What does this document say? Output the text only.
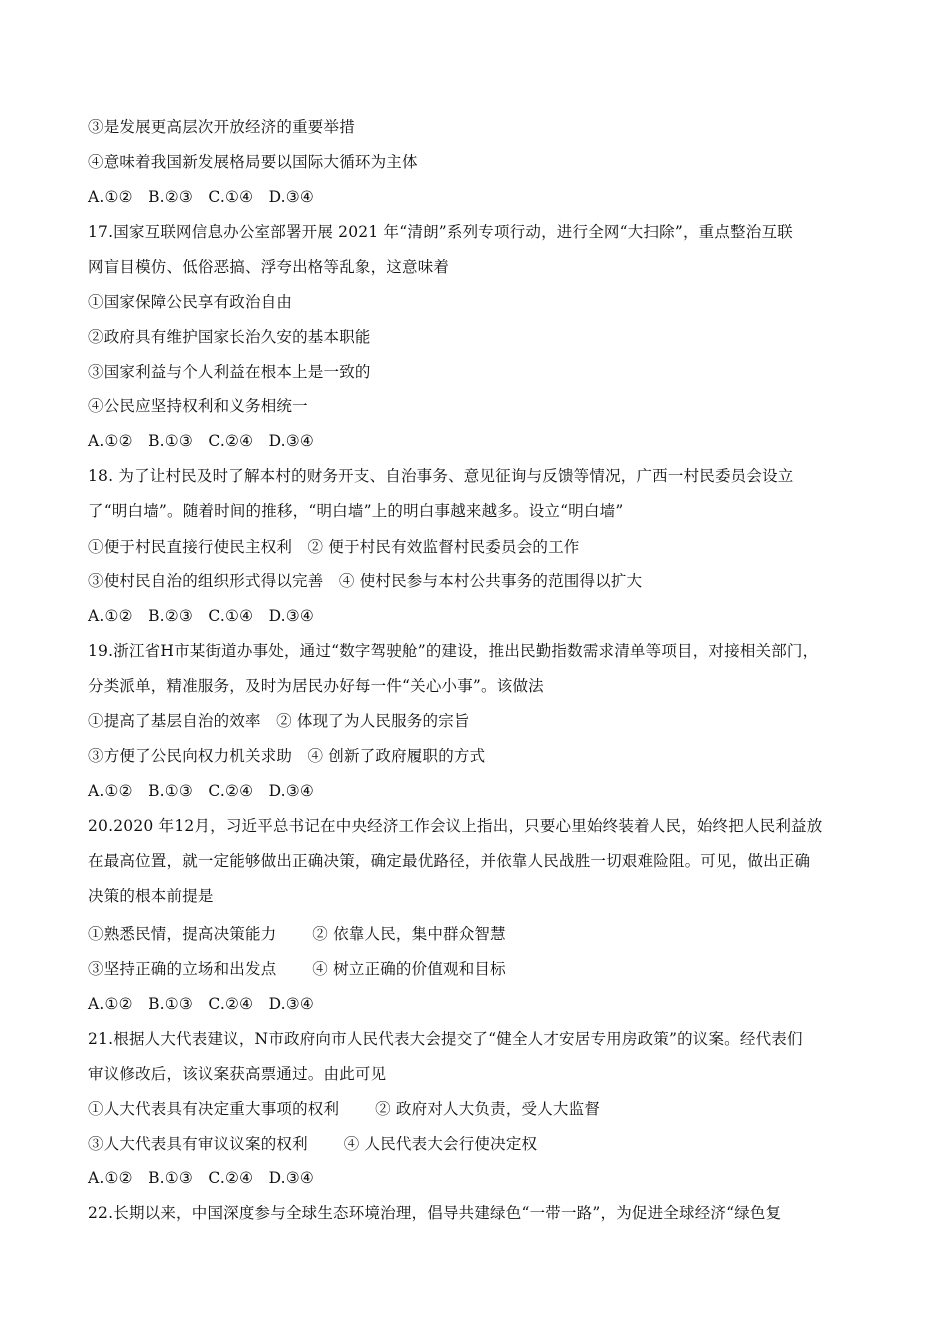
③是发展更高层次开放经济的重要举措
④意味着我国新发展格局要以国际大循环为主体
A.①②   B.②③   C.①④   D.③④
17.国家互联网信息办公室部署开展 2021 年“清朗”系列专项行动，进行全网“大扫除”，重点整治互联
网盲目模仿、低俗恶搞、浮夸出格等乱象，这意味着
①国家保障公民享有政治自由
②政府具有维护国家长治久安的基本职能
③国家利益与个人利益在根本上是一致的
④公民应坚持权利和义务相统一
A.①②   B.①③   C.②④   D.③④
18. 为了让村民及时了解本村的财务开支、自治事务、意见征询与反馈等情况，广西一村民委员会设立
了“明白墙”。随着时间的推移，“明白墙”上的明白事越来越多。设立“明白墙”
①便于村民直接行使民主权利   ② 便于村民有效监督村民委员会的工作
③使村民自治的组织形式得以完善   ④ 使村民参与本村公共事务的范围得以扩大
A.①②   B.②③   C.①④   D.③④
19.浙江省H市某街道办事处，通过“数字驾驶舱”的建设，推出民勤指数需求清单等项目，对接相关部门，
分类派单，精准服务，及时为居民办好每一件“关心小事”。该做法
①提高了基层自治的效率   ② 体现了为人民服务的宗旨
③方便了公民向权力机关求助   ④ 创新了政府履职的方式
A.①②   B.①③   C.②④   D.③④
20.2020 年12月，习近平总书记在中央经济工作会议上指出，只要心里始终装着人民，始终把人民利益放
在最高位置，就一定能够做出正确决策，确定最优路径，并依靠人民战胜一切艰难险阻。可见，做出正确
决策的根本前提是
①熟悉民情，提高决策能力       ② 依靠人民，集中群众智慧
③坚持正确的立场和出发点       ④ 树立正确的价值观和目标
A.①②   B.①③   C.②④   D.③④
21.根据人大代表建议，N市政府向市人民代表大会提交了“健全人才安居专用房政策”的议案。经代表们
审议修改后，该议案获高票通过。由此可见
①人大代表具有决定重大事项的权利       ② 政府对人大负责，受人大监督
③人大代表具有审议议案的权利       ④ 人民代表大会行使决定权
A.①②   B.①③   C.②④   D.③④
22.长期以来，中国深度参与全球生态环境治理，倡导共建绿色“一带一路”，为促进全球经济“绿色复
